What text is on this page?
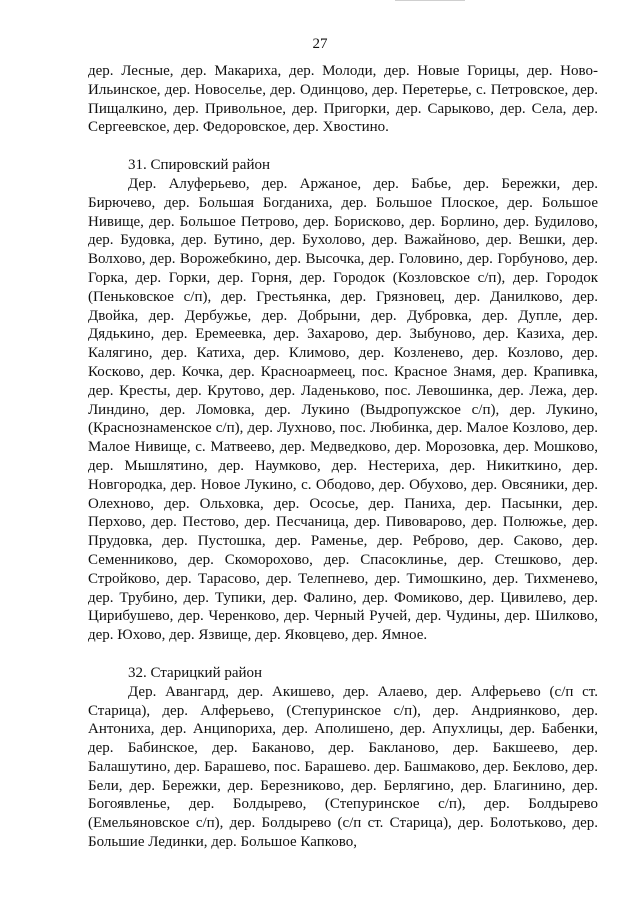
27

дер. Лесные, дер. Макариха, дер. Молоди, дер. Новые Горицы, дер. Ново-Ильинское, дер. Новоселье, дер. Одинцово, дер. Перетерье, с. Петровское, дер. Пищалкино, дер. Привольное, дер. Пригорки, дер. Сарыково, дер. Села, дер. Сергеевское, дер. Федоровское, дер. Хвостино.

31. Спировский район

Дер. Алуферьево, дер. Аржаное, дер. Бабье, дер. Бережки, дер. Бирючево, дер. Большая Богданиха, дер. Большое Плоское, дер. Большое Нивище, дер. Большое Петрово, дер. Борисково, дер. Борлино, дер. Будилово, дер. Будовка, дер. Бутино, дер. Бухолово, дер. Важайново, дер. Вешки, дер. Волхово, дер. Ворожебкино, дер. Высочка, дер. Головино, дер. Горбуново, дер. Горка, дер. Горки, дер. Горня, дер. Городок (Козловское с/п), дер. Городок (Пеньковское с/п), дер. Грестьянка, дер. Грязновец, дер. Данилково, дер. Двойка, дер. Дербужье, дер. Добрыни, дер. Дубровка, дер. Дупле, дер. Дядькино, дер. Еремеевка, дер. Захарово, дер. Зыбуново, дер. Казиха, дер. Калягино, дер. Катиха, дер. Климово, дер. Козленево, дер. Козлово, дер. Косково, дер. Кочка, дер. Красноармеец, пос. Красное Знамя, дер. Крапивка, дер. Кресты, дер. Крутово, дер. Ладеньково, пос. Левошинка, дер. Лежа, дер. Линдино, дер. Ломовка, дер. Лукино (Выдропужское с/п), дер. Лукино, (Краснознаменское с/п), дер. Лухново, пос. Любинка, дер. Малое Козлово, дер. Малое Нивище, с. Матвеево, дер. Медведково, дер. Морозовка, дер. Мошково, дер. Мышлятино, дер. Наумково, дер. Нестериха, дер. Никиткино, дер. Новгородка, дер. Новое Лукино, с. Ободово, дер. Обухово, дер. Овсяники, дер. Олехново, дер. Ольховка, дер. Ососье, дер. Паниха, дер. Пасынки, дер. Перхово, дер. Пестово, дер. Песчаница, дер. Пивоварово, дер. Полюжье, дер. Прудовка, дер. Пустошка, дер. Раменье, дер. Реброво, дер. Саково, дер. Семенниково, дер. Скоморохово, дер. Спасоклинье, дер. Стешково, дер. Стройково, дер. Тарасово, дер. Телепнево, дер. Тимошкино, дер. Тихменево, дер. Трубино, дер. Тупики, дер. Фалино, дер. Фомиково, дер. Цивилево, дер. Цирибушево, дер. Черенково, дер. Черный Ручей, дер. Чудины, дер. Шилково, дер. Юхово, дер. Язвище, дер. Яковцево, дер. Ямное.

32. Старицкий район

Дер. Авангард, дер. Акишево, дер. Алаево, дер. Алферьево (с/п ст. Старица), дер. Алферьево, (Степуринское с/п), дер. Андриянково, дер. Антониха, дер. Анциnoриха, дер. Аполишено, дер. Апухлицы, дер. Бабенки, дер. Бабинское, дер. Баканово, дер. Бакланово, дер. Бакшеево, дер. Балашутино, дер. Барашево, пос. Барашево. дер. Башмаково, дер. Беклово, дер. Бели, дер. Бережки, дер. Березниково, дер. Берлягино, дер. Благинино, дер. Богоявленье, дер. Болдырево, (Степуринское с/п), дер. Болдырево (Емельяновское с/п), дер. Болдырево (с/п ст. Старица), дер. Болотьково, дер. Большие Лединки, дер. Большое Капково,
